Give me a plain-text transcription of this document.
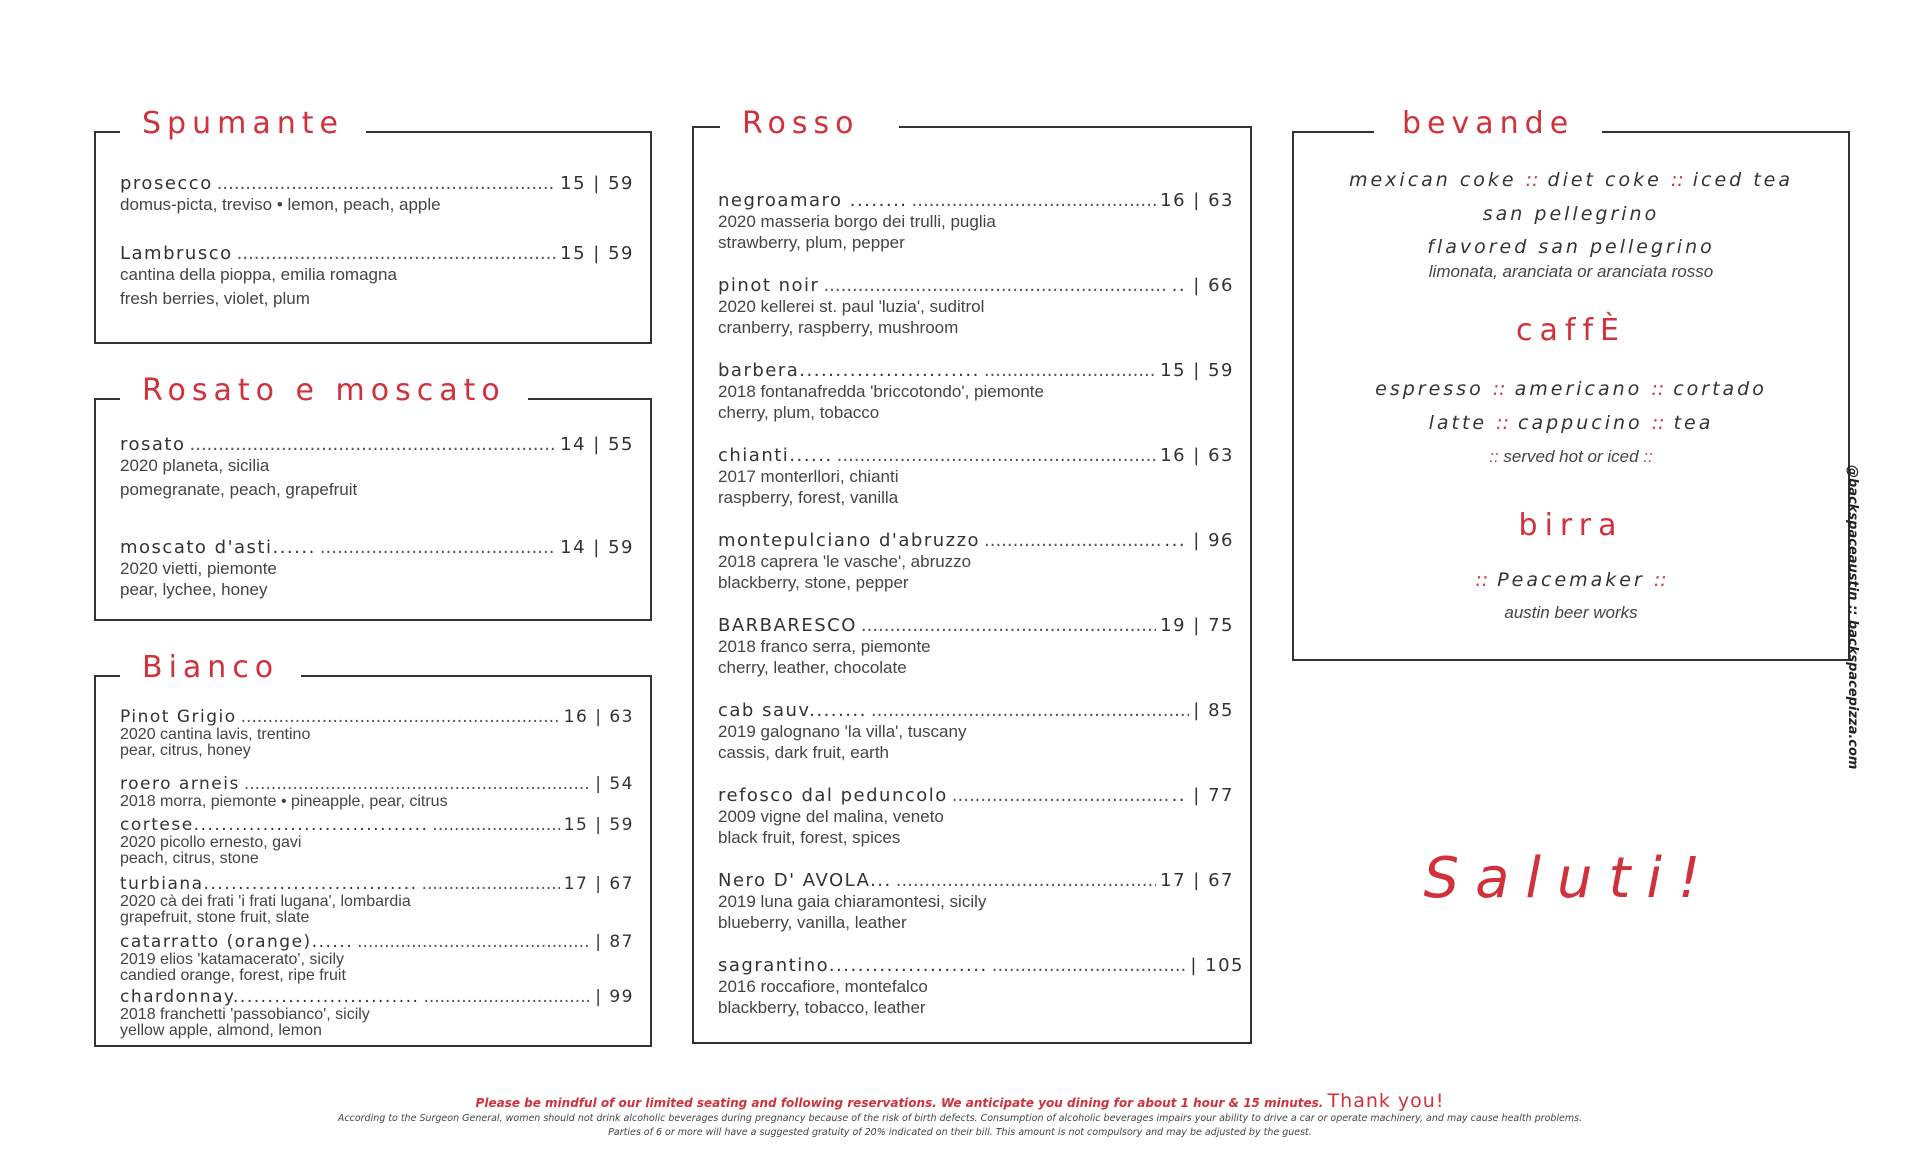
Spumante
prosecco .....	15 | 59
domus-picta, treviso • lemon, peach, apple
Lambrusco .....	15 | 59
cantina della pioppa, emilia romagna
fresh berries, violet, plum
Rosato e moscato
rosato .....	14 | 55
2020 planeta, sicilia
pomegranate, peach, grapefruit
moscato d'asti...... .....	14 | 59
2020 vietti, piemonte
pear, lychee, honey
Bianco
Pinot Grigio .....	16 | 63
2020 cantina lavis, trentino
pear, citrus, honey
roero arneis .....	| 54
2018 morra, piemonte • pineapple, pear, citrus
cortese.................................. .....	15 | 59
2020 picollo ernesto, gavi
peach, citrus, stone
turbiana............................... .....	17 | 67
2020 cà dei frati 'i frati lugana', lombardia
grapefruit, stone fruit, slate
catarratto (orange)...... .....	| 87
2019 elios 'katamacerato', sicily
candied orange, forest, ripe fruit
chardonnay........................... .....	| 99
2018 franchetti 'passobianco', sicily
yellow apple, almond, lemon
Rosso
negroamaro ........ .....	16 | 63
2020 masseria borgo dei trulli, puglia
strawberry, plum, pepper
pinot noir .....	.. | 66
2020 kellerei st. paul 'luzia', suditrol
cranberry, raspberry, mushroom
barbera......................... .....	15 | 59
2018 fontanafredda 'briccotondo', piemonte
cherry, plum, tobacco
chianti...... .....	16 | 63
2017 monterllori, chianti
raspberry, forest, vanilla
montepulciano d'abruzzo .....	... | 96
2018 caprera 'le vasche', abruzzo
blackberry, stone, pepper
BARBARESCO .....	19 | 75
2018 franco serra, piemonte
cherry, leather, chocolate
cab sauv........ .....	| 85
2019 galognano 'la villa', tuscany
cassis, dark fruit, earth
refosco dal peduncolo .....	.. | 77
2009 vigne del malina, veneto
black fruit, forest, spices
Nero D' AVOLA... .....	17 | 67
2019 luna gaia chiaramontesi, sicily
blueberry, vanilla, leather
sagrantino...................... .....	| 105
2016 roccafiore, montefalco
blackberry, tobacco, leather
bevande
mexican coke :: diet coke :: iced tea
san pellegrino
flavored san pellegrino
limonata, aranciata or aranciata rosso
caffÈ
espresso :: americano :: cortado
latte :: cappucino :: tea
:: served hot or iced ::
birra
:: Peacemaker ::
austin beer works
Saluti!
@backspaceaustin :: backspacepizza.com
Please be mindful of our limited seating and following reservations. We anticipate you dining for about 1 hour & 15 minutes. Thank you!
According to the Surgeon General, women should not drink alcoholic beverages during pregnancy because of the risk of birth defects. Consumption of alcoholic beverages impairs your ability to drive a car or operate machinery, and may cause health problems.
Parties of 6 or more will have a suggested gratuity of 20% indicated on their bill. This amount is not compulsory and may be adjusted by the guest.
